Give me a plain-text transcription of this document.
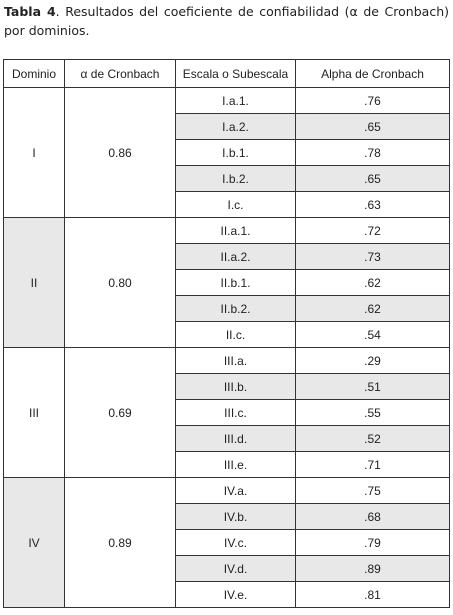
Tabla 4. Resultados del coeficiente de confiabilidad (α de Cronbach) por dominios.
Dominio	α de Cronbach	Escala o Subescala	Alpha de Cronbach
I	0.86	I.a.1.	.76
		I.a.2.	.65
		I.b.1.	.78
		I.b.2.	.65
		I.c.	.63
II	0.80	II.a.1.	.72
		II.a.2.	.73
		II.b.1.	.62
		II.b.2.	.62
		II.c.	.54
III	0.69	III.a.	.29
		III.b.	.51
		III.c.	.55
		III.d.	.52
		III.e.	.71
IV	0.89	IV.a.	.75
		IV.b.	.68
		IV.c.	.79
		IV.d.	.89
		IV.e.	.81
